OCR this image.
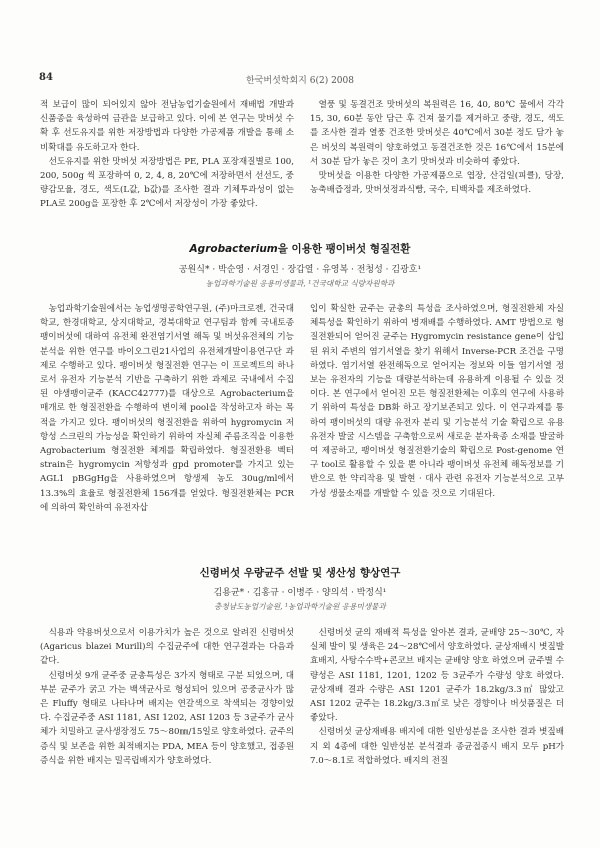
84	한국버섯학회지 6(2) 2008

적 보급이 많이 되어있지 않아 전남농업기술원에서 재배법 개발과 신품종을 육성하여 금관을 보급하고 있다. 이에 본 연구는 맛버섯 수확 후 선도유지를 위한 저장방법과 다양한 가공제품 개발을 통해 소비확대를 유도하고자 한다.

선도유지를 위한 맛버섯 저장방법은 PE, PLA 포장재질별로 100, 200, 500g 씩 포장하여 0, 2, 4, 8, 20℃에 저장하면서 선선도, 중량감모율, 경도, 색도(L값, b값)를 조사한 결과 기체투과성이 없는 PLA로 200g을 포장한 후 2℃에서 저장성이 가장 좋았다.

열풍 및 동결건조 맛버섯의 복원력은 16, 40, 80℃ 물에서 각각 15, 30, 60분 동안 담근 후 건져 물기를 제거하고 중량, 경도, 색도를 조사한 결과 열풍 건조한 맛버섯은 40℃에서 30분 정도 담가 놓은 버섯의 복원력이 양호하였고 동결건조한 것은 16℃에서 15분에서 30분 담가 놓은 것이 초기 맛버섯과 비슷하여 좋았다.

맛버섯을 이용한 다양한 가공제품으로 엽장, 산검일(피클), 당장, 농축배즙정과, 맛버섯정과식빵, 국수, 티백차를 제조하였다.

Agrobacterium을 이용한 팽이버섯 형질전환
공원식* · 박순영 · 서경인 · 장갑열 · 유영복 · 전청성 · 김광호¹
농업과학기술원 응용미생물과, ¹건국대학교 식량자원학과

농업과학기술원에서는 농업생명공학연구원, (주)마크로젠, 건국대학교, 한경대학교, 상지대학교, 경북대학교 연구팀과 함께 국내토종 팽이버섯에 대하여 유전체 완전염기서열 해독 및 버섯유전체의 기능분석을 위한 연구를 바이오그린21사업의 유전체개발이용연구단 과제로 수행하고 있다. 팽이버섯 형질전환 연구는 이 프로젝트의 하나로서 유전자 기능분석 기반을 구축하기 위한 과제로 국내에서 수집된 야생팽이균주 (KACC42777)를 대상으로 Agrobacterium을 매개로 한 형질전환을 수행하여 변이체 pool을 작성하고자 하는 목적을 가지고 있다. 팽이버섯의 형질전환을 위하여 hygromycin 저항성 스크린의 가능성을 확인하기 위하여 자실체 주름조직을 이용한 Agrobacterium 형질전환 체계를 확립하였다. 형질전환용 벡터 strain은 hygromycin 저항성과 gpd promoter를 가지고 있는 AGL1 pBGgHg을 사용하였으며 항생제 농도 30ug/ml에서 13.3%의 효율로 형질전환체 156개를 얻었다. 형질전환체는 PCR에 의하여 확인하여 유전자삽

입이 확실한 균주는 균총의 특성을 조사하였으며, 형질전환체 자실체특성을 확인하기 위하여 병재배를 수행하였다. AMT 방법으로 형질전환되어 얻어진 균주는 Hygromycin resistance gene이 삽입된 위치 주변의 염기서열을 찾기 위해서 Inverse-PCR 조건을 구명하였다. 염기서열 완전해독으로 얻어지는 정보와 이들 염기서열 정보는 유전자의 기능을 대량분석하는데 유용하게 이용될 수 있을 것이다. 본 연구에서 얻어진 모든 형질전환체는 이후의 연구에 사용하기 위하여 특성을 DB화 하고 장기보존되고 있다. 이 연구과제를 통하여 팽이버섯의 대량 유전자 분리 및 기능분석 기술 확립으로 유용유전자 발굴 시스템을 구축함으로써 새로운 분자육종 소재를 발굴하여 제공하고, 팽이버섯 형질전환기술의 확립으로 Post-genome 연구 tool로 활용할 수 있을 뿐 아니라 팽이버섯 유전체 해독정보를 기반으로 한 약리작용 및 발현 · 대사 관련 유전자 기능분석으로 고부가성 생물소재를 개발할 수 있을 것으로 기대된다.

신령버섯 우량균주 선발 및 생산성 향상연구
김용균* · 김홍규 · 이병주 · 양의석 · 박정식¹
충청남도농업기술원, ¹농업과학기술원 응용미생물과

식용과 약용버섯으로서 이용가치가 높은 것으로 알려진 신령버섯(Agaricus blazei Murill)의 수집균주에 대한 연구결과는 다음과 같다.

신령버섯 9개 균주중 균총특성은 3가지 형태로 구분 되었으며, 대부분 균주가 굵고 가는 백색균사로 형성되어 있으며 공중균사가 많은 Fluffy 형태로 나타나며 배지는 연갈색으로 착색되는 경향이었다. 수집균주중 ASI 1181, ASI 1202, ASI 1203 등 3균주가 균사체가 치밀하고 균사생장정도 75～80㎜/15일로 양호하였다. 균주의 증식 및 보존을 위한 최적배지는 PDA, MEA 등이 양호했고, 접종원 증식을 위한 배지는 밀곡립배지가 양호하였다.

신령버섯 균의 재배적 특성을 알아본 결과, 균배양 25～30℃, 자실체 발이 및 생육은 24～28℃에서 양호하였다. 균상재배시 볏짚발효배지, 사탕수수박+콘코브 배지는 균배양 양호 하였으며 균주별 수량성은 ASI 1181, 1201, 1202 등 3균주가 수량성 양호 하였다. 균상재배 결과 수량은 ASI 1201 균주가 18.2kg/3.3㎡ 많았고 ASI 1202 균주는 18.2kg/3.3㎡로 낮은 경향이나 버섯품질은 더 좋았다.

신령버섯 균상재배용 배지에 대한 일반성분을 조사한 결과 볏짚배지 외 4종에 대한 일반성분 분석결과 종균접종시 배지 모두 pH가 7.0～8.1로 적합하였다. 배지의 전질
